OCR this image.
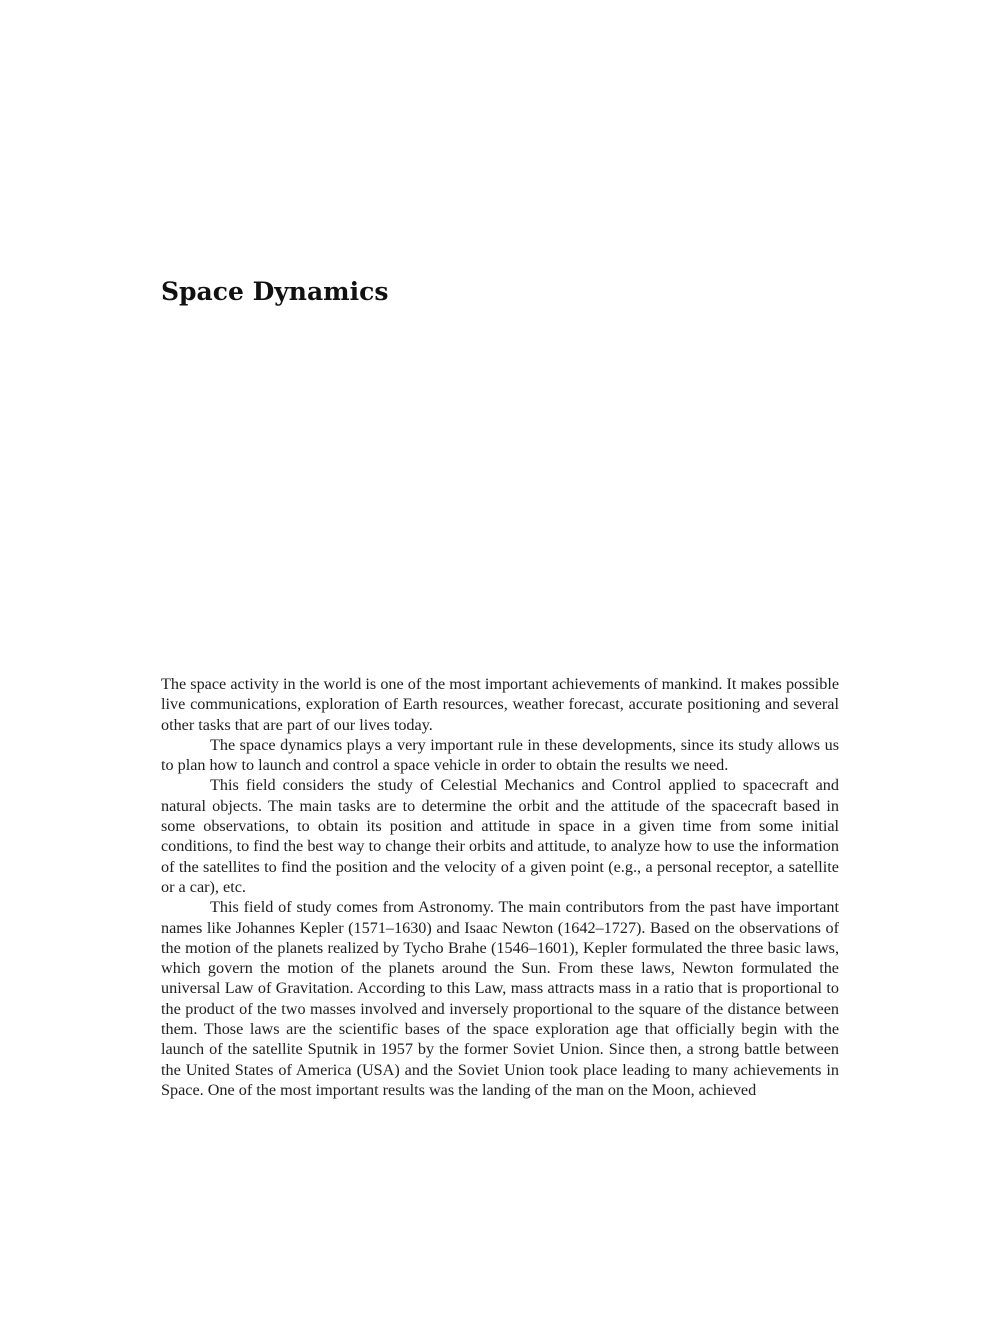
Space Dynamics

The space activity in the world is one of the most important achievements of mankind. It makes possible live communications, exploration of Earth resources, weather forecast, accurate positioning and several other tasks that are part of our lives today.

The space dynamics plays a very important rule in these developments, since its study allows us to plan how to launch and control a space vehicle in order to obtain the results we need.

This field considers the study of Celestial Mechanics and Control applied to spacecraft and natural objects. The main tasks are to determine the orbit and the attitude of the spacecraft based in some observations, to obtain its position and attitude in space in a given time from some initial conditions, to find the best way to change their orbits and attitude, to analyze how to use the information of the satellites to find the position and the velocity of a given point (e.g., a personal receptor, a satellite or a car), etc.

This field of study comes from Astronomy. The main contributors from the past have important names like Johannes Kepler (1571–1630) and Isaac Newton (1642–1727). Based on the observations of the motion of the planets realized by Tycho Brahe (1546–1601), Kepler formulated the three basic laws, which govern the motion of the planets around the Sun. From these laws, Newton formulated the universal Law of Gravitation. According to this Law, mass attracts mass in a ratio that is proportional to the product of the two masses involved and inversely proportional to the square of the distance between them. Those laws are the scientific bases of the space exploration age that officially begin with the launch of the satellite Sputnik in 1957 by the former Soviet Union. Since then, a strong battle between the United States of America (USA) and the Soviet Union took place leading to many achievements in Space. One of the most important results was the landing of the man on the Moon, achieved
